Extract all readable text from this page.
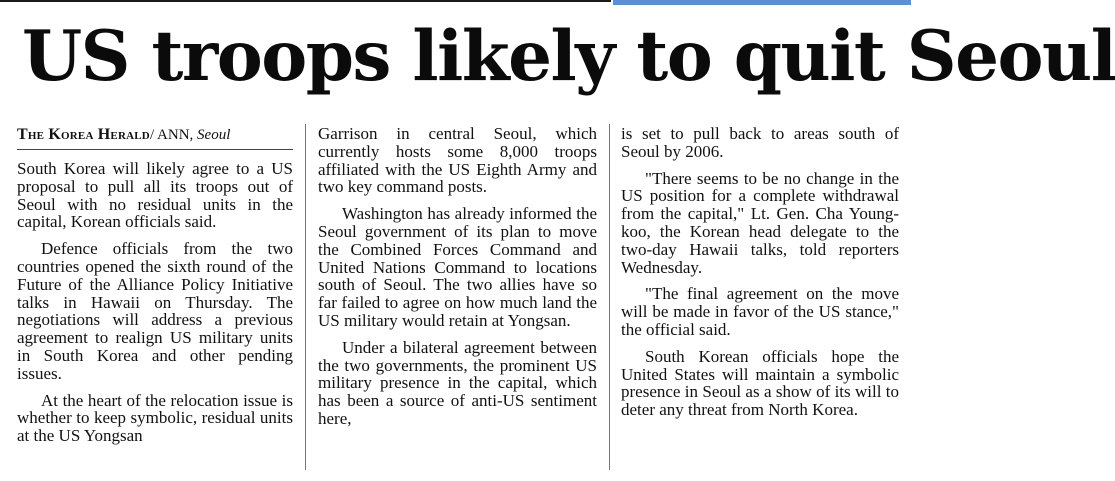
US troops likely to quit Seoul
The Korea Herald/ ANN, Seoul

South Korea will likely agree to a US proposal to pull all its troops out of Seoul with no residual units in the capital, Korean officials said.

Defence officials from the two countries opened the sixth round of the Future of the Alliance Policy Initiative talks in Hawaii on Thursday. The negotiations will address a previous agreement to realign US military units in South Korea and other pending issues.

At the heart of the relocation issue is whether to keep symbolic, residual units at the US Yongsan

Garrison in central Seoul, which currently hosts some 8,000 troops affiliated with the US Eighth Army and two key command posts.

Washington has already informed the Seoul government of its plan to move the Combined Forces Command and United Nations Command to locations south of Seoul. The two allies have so far failed to agree on how much land the US military would retain at Yongsan.

Under a bilateral agreement between the two governments, the prominent US military presence in the capital, which has been a source of anti-US sentiment here,

is set to pull back to areas south of Seoul by 2006.

"There seems to be no change in the US position for a complete withdrawal from the capital," Lt. Gen. Cha Young-koo, the Korean head delegate to the two-day Hawaii talks, told reporters Wednesday.

"The final agreement on the move will be made in favor of the US stance," the official said.

South Korean officials hope the United States will maintain a symbolic presence in Seoul as a show of its will to deter any threat from North Korea.
